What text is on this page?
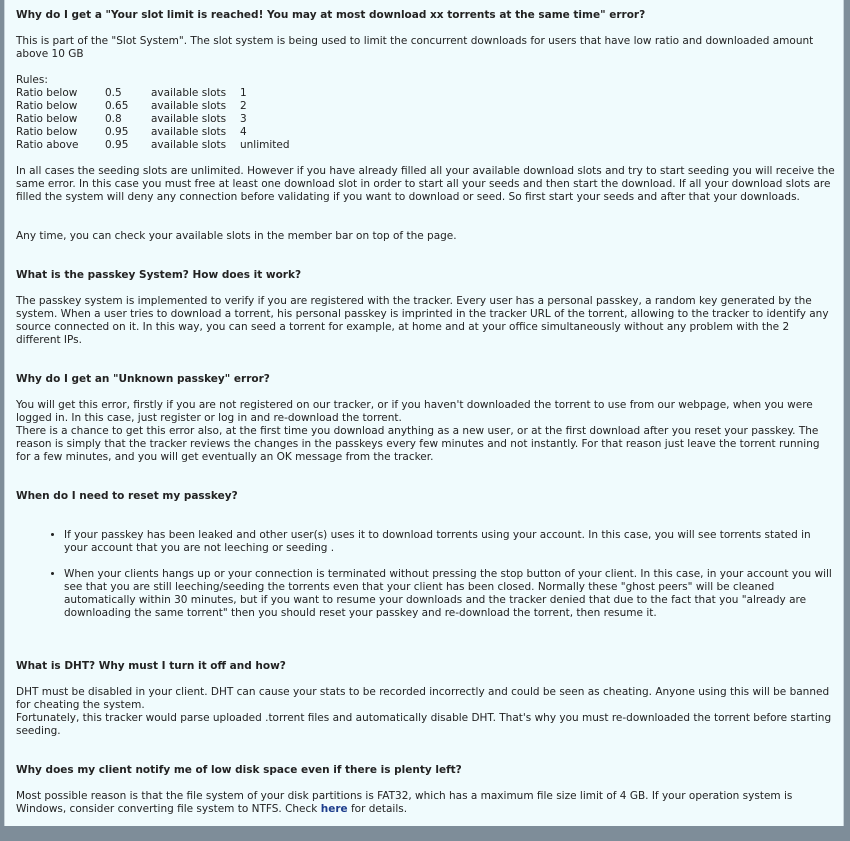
Why do I get a "Your slot limit is reached! You may at most download xx torrents at the same time" error?

This is part of the "Slot System". The slot system is being used to limit the concurrent downloads for users that have low ratio and downloaded amount above 10 GB

Rules:

Ratio below	0.5	available slots	1
Ratio below	0.65	available slots	2
Ratio below	0.8	available slots	3
Ratio below	0.95	available slots	4
Ratio above	0.95	available slots	unlimited

In all cases the seeding slots are unlimited. However if you have already filled all your available download slots and try to start seeding you will receive the same error. In this case you must free at least one download slot in order to start all your seeds and then start the download. If all your download slots are filled the system will deny any connection before validating if you want to download or seed. So first start your seeds and after that your downloads.

Any time, you can check your available slots in the member bar on top of the page.

What is the passkey System? How does it work?

The passkey system is implemented to verify if you are registered with the tracker. Every user has a personal passkey, a random key generated by the system. When a user tries to download a torrent, his personal passkey is imprinted in the tracker URL of the torrent, allowing to the tracker to identify any source connected on it. In this way, you can seed a torrent for example, at home and at your office simultaneously without any problem with the 2 different IPs.

Why do I get an "Unknown passkey" error?

You will get this error, firstly if you are not registered on our tracker, or if you haven't downloaded the torrent to use from our webpage, when you were logged in. In this case, just register or log in and re-download the torrent.

There is a chance to get this error also, at the first time you download anything as a new user, or at the first download after you reset your passkey. The reason is simply that the tracker reviews the changes in the passkeys every few minutes and not instantly. For that reason just leave the torrent running for a few minutes, and you will get eventually an OK message from the tracker.

When do I need to reset my passkey?

• If your passkey has been leaked and other user(s) uses it to download torrents using your account. In this case, you will see torrents stated in your account that you are not leeching or seeding .
• When your clients hangs up or your connection is terminated without pressing the stop button of your client. In this case, in your account you will see that you are still leeching/seeding the torrents even that your client has been closed. Normally these "ghost peers" will be cleaned automatically within 30 minutes, but if you want to resume your downloads and the tracker denied that due to the fact that you "already are downloading the same torrent" then you should reset your passkey and re-download the torrent, then resume it.

What is DHT? Why must I turn it off and how?

DHT must be disabled in your client. DHT can cause your stats to be recorded incorrectly and could be seen as cheating. Anyone using this will be banned for cheating the system.

Fortunately, this tracker would parse uploaded .torrent files and automatically disable DHT. That's why you must re-downloaded the torrent before starting seeding.

Why does my client notify me of low disk space even if there is plenty left?

Most possible reason is that the file system of your disk partitions is FAT32, which has a maximum file size limit of 4 GB. If your operation system is Windows, consider converting file system to NTFS. Check here for details.
